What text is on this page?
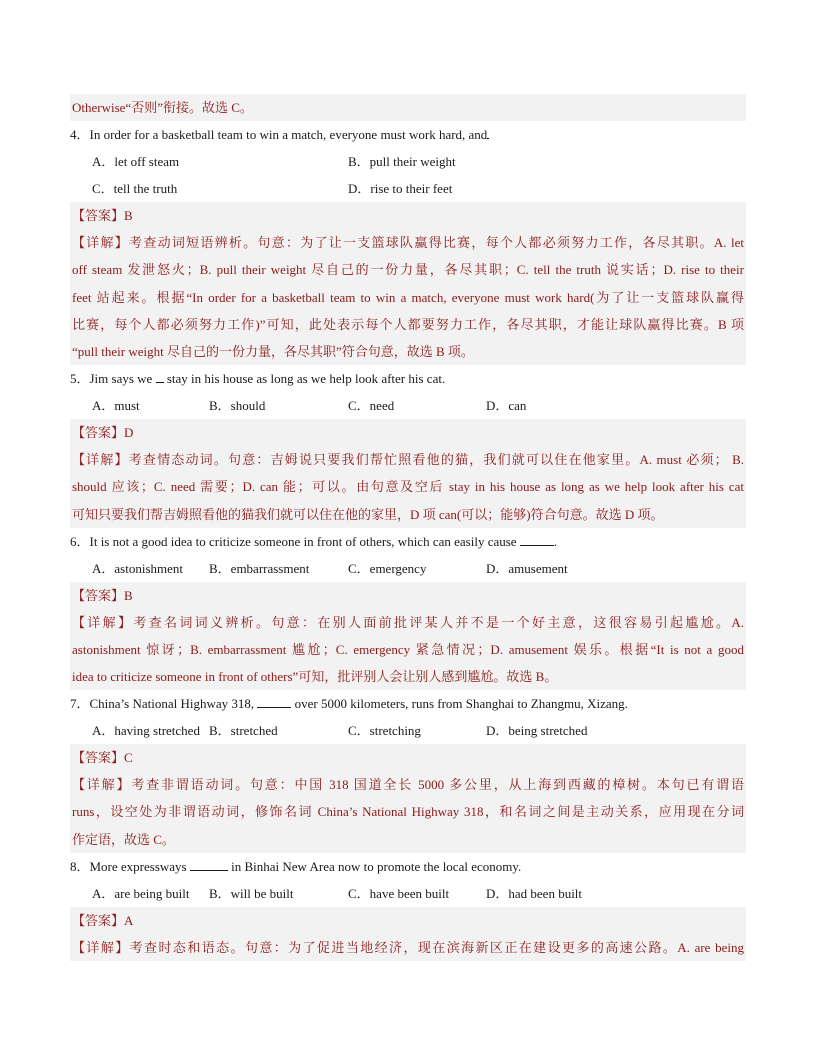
Otherwise“否则”衔接。故选 C。
4．In order for a basketball team to win a match, everyone must work hard, and
A．let off steam	B．pull their weight
C．tell the truth	D．rise to their feet
【答案】B
【详解】考查动词短语辨析。句意：为了让一支篮球队赢得比赛，每个人都必须努力工作，各尽其职。A. let
off steam 发泄怒火；B. pull their weight 尽自己的一份力量，各尽其职；C. tell the truth 说实话；D. rise to their
feet 站起来。根据“In order for a basketball team to win a match, everyone must work hard(为了让一支篮球队赢得
比赛，每个人都必须努力工作)”可知，此处表示每个人都要努力工作，各尽其职，才能让球队赢得比赛。B 项
“pull their weight 尽自己的一份力量，各尽其职”符合句意，故选 B 项。
5．Jim says we stay in his house as long as we help look after his cat.
A．must	B．should	C．need	D．can
【答案】D
【详解】考查情态动词。句意：吉姆说只要我们帮忙照看他的猫，我们就可以住在他家里。A. must 必须； B.
should 应该；C. need 需要；D. can 能；可以。由句意及空后 stay in his house as long as we help look after his cat
可知只要我们帮吉姆照看他的猫我们就可以住在他的家里，D 项 can(可以；能够)符合句意。故选 D 项。
6．It is not a good idea to criticize someone in front of others, which can easily cause	.
A．astonishment B．embarrassment	C．emergency	D．amusement
【答案】B
【详解】考查名词词义辨析。句意：在别人面前批评某人并不是一个好主意，这很容易引起尴尬。A.
astonishment 惊讶；B. embarrassment 尴尬；C. emergency 紧急情况；D. amusement 娱乐。根据“It is not a good
idea to criticize someone in front of others”可知，批评别人会让别人感到尴尬。故选 B。
7．China’s National Highway 318,	over 5000 kilometers, runs from Shanghai to Zhangmu, Xizang.
A．having stretched B．stretched	C．stretching	D．being stretched
【答案】C
【详解】考查非谓语动词。句意：中国 318 国道全长 5000 多公里，从上海到西藏的樟树。本句已有谓语
runs，设空处为非谓语动词，修饰名词 China’s National Highway 318，和名词之间是主动关系，应用现在分词
作定语，故选 C。
8．More expressways	in Binhai New Area now to promote the local economy.
A．are being built B．will be built	C．have been built	D．had been built
【答案】A
【详解】考查时态和语态。句意：为了促进当地经济，现在滨海新区正在建设更多的高速公路。A. are being
